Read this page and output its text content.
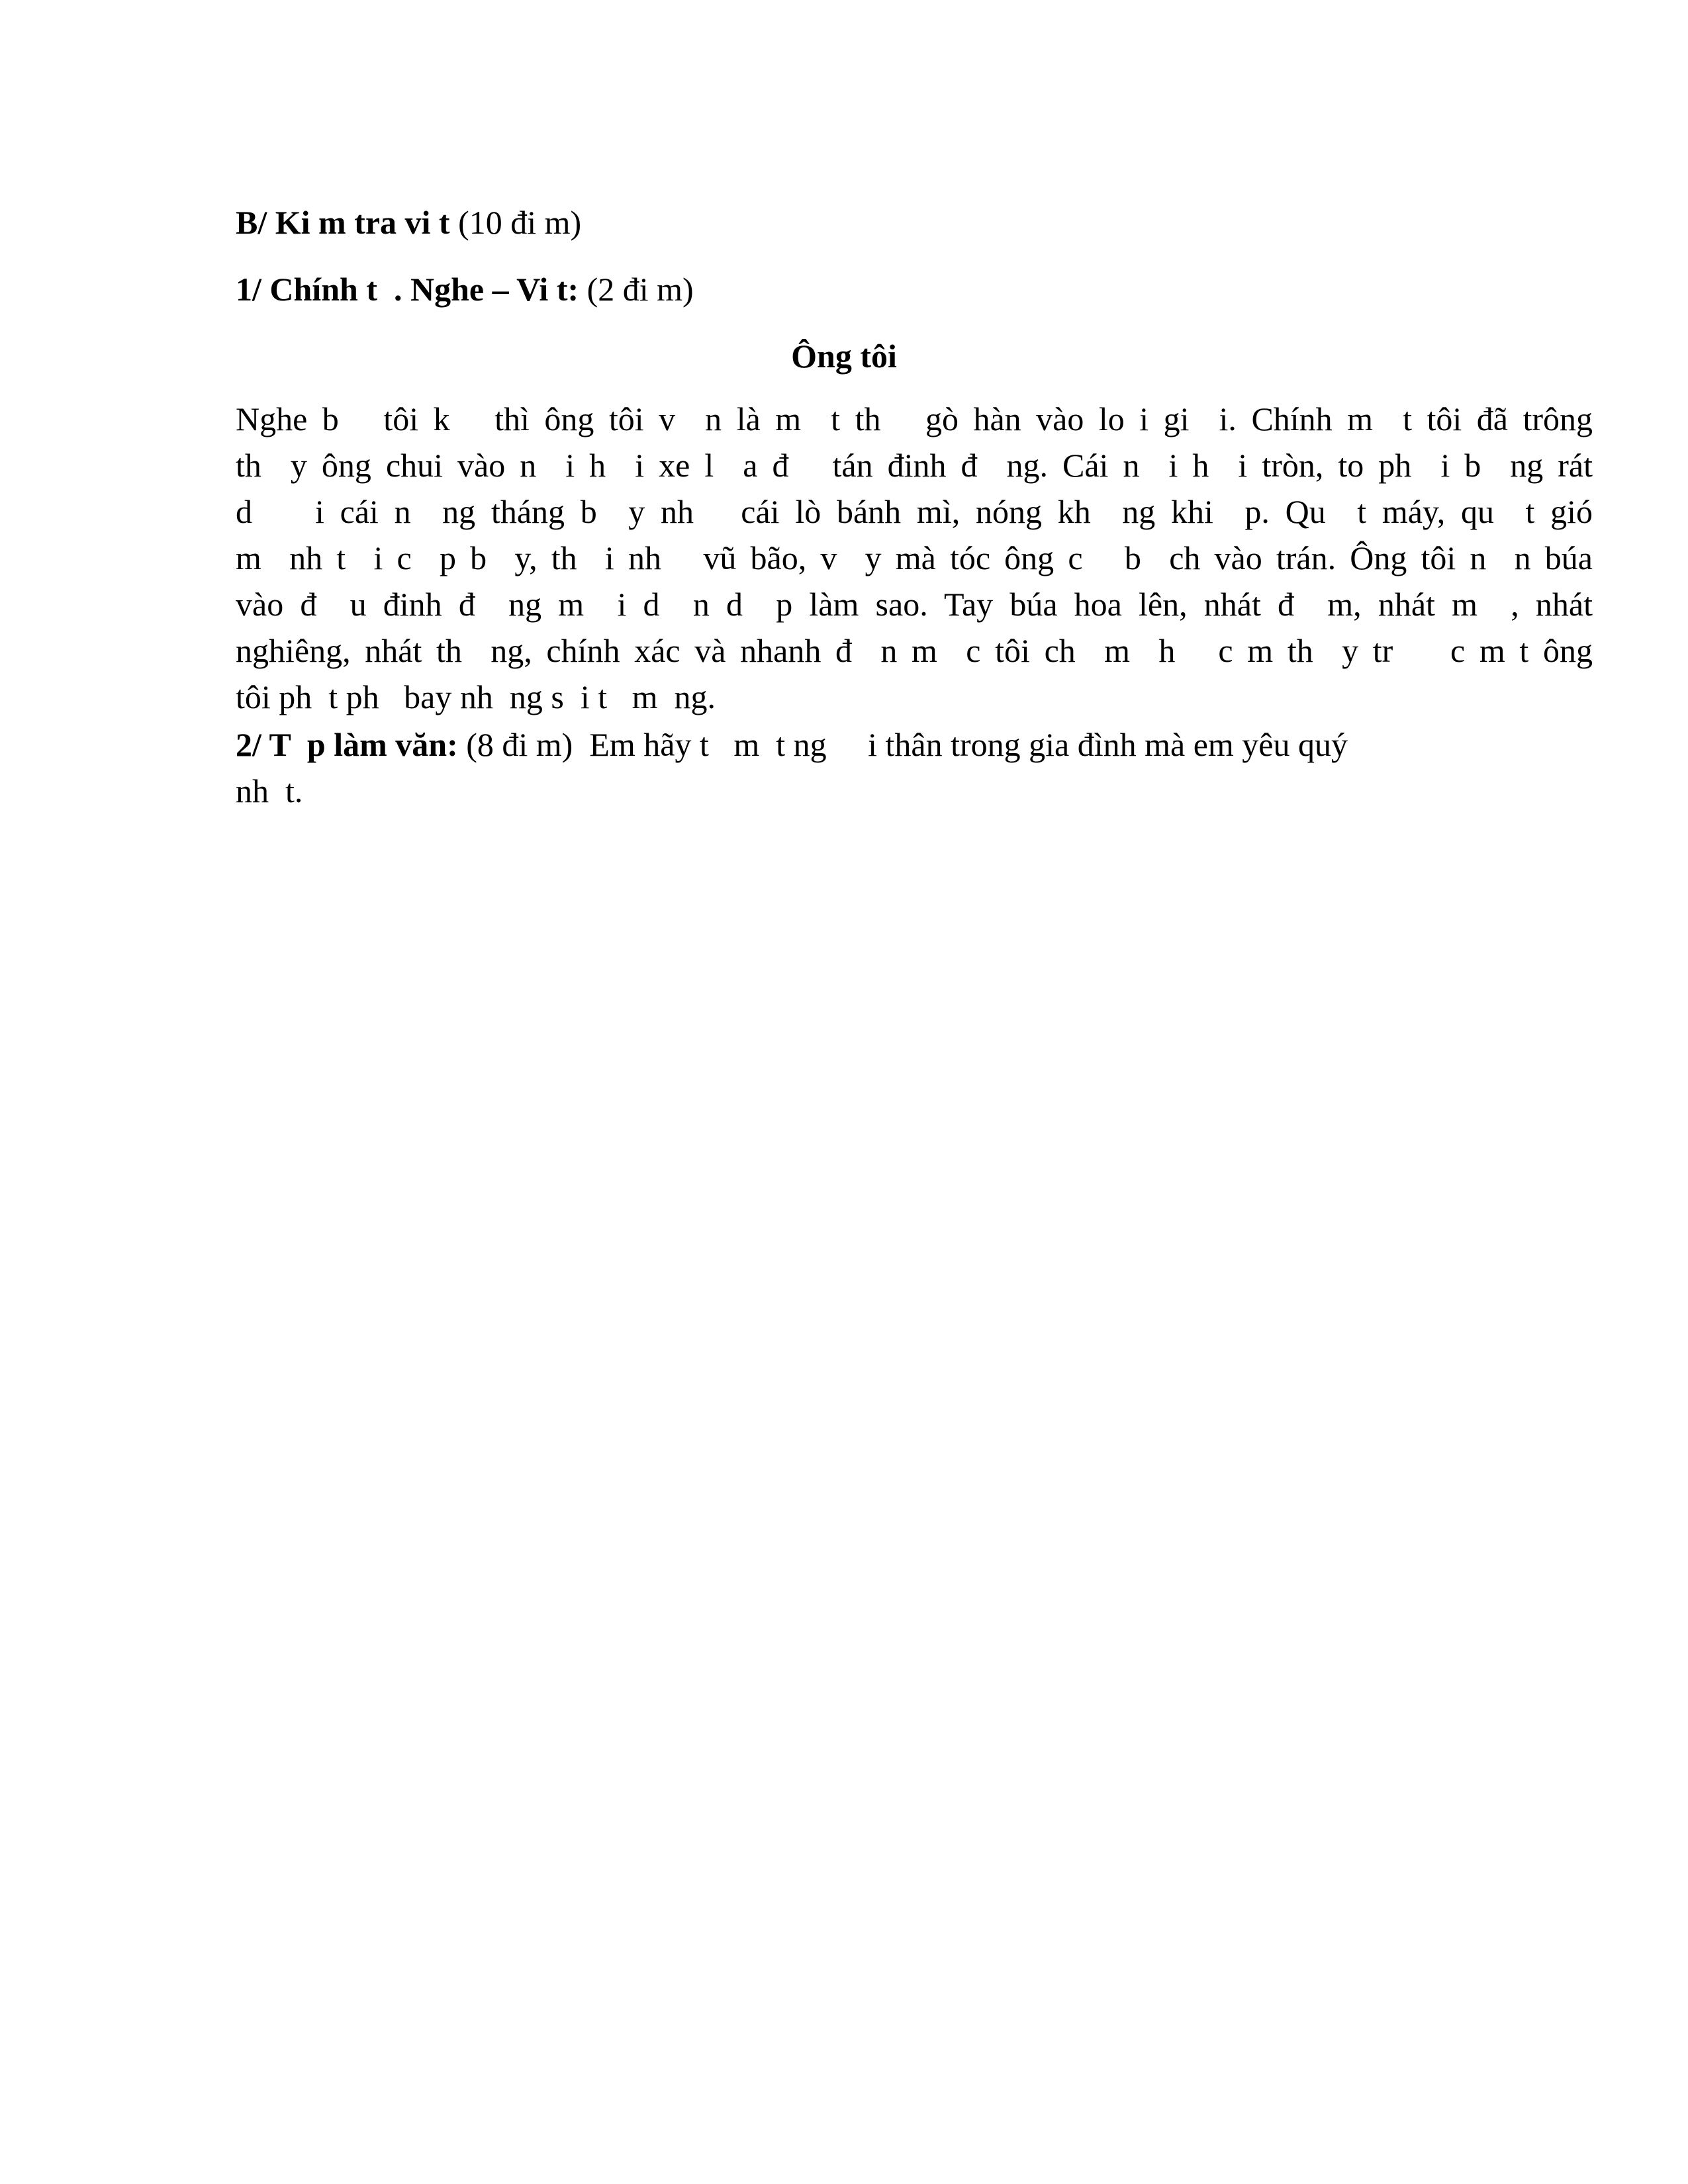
B/ Ki m tra vi t (10 đi m)
1/ Chính t  . Nghe – Vi t: (2 đi m)
Ông tôi
Nghe b   tôi k   thì ông tôi v  n là m  t th   gò hàn vào lo i gi  i. Chính m  t tôi đã trông
th  y ông chui vào n  i h  i xe l  a đ   tán đinh đ  ng. Cái n  i h  i tròn, to ph  i b  ng rát
d    i cái n  ng tháng b  y nh   cái lò bánh mì, nóng kh  ng khi  p. Qu  t máy, qu  t gió
m  nh t  i c  p b  y, th  i nh   vũ bão, v  y mà tóc ông c   b  ch vào trán. Ông tôi n  n búa
vào đ  u đinh đ  ng m  i d  n d  p làm sao. Tay búa hoa lên, nhát đ  m, nhát m  , nhát
nghiêng, nhát th  ng, chính xác và nhanh đ  n m  c tôi ch  m  h   c m th  y tr    c m t ông
tôi ph  t ph   bay nh  ng s  i t   m  ng.
2/ T  p làm văn: (8 đi m)  Em hãy t   m  t ng     i thân trong gia đình mà em yêu quý
nh  t.
